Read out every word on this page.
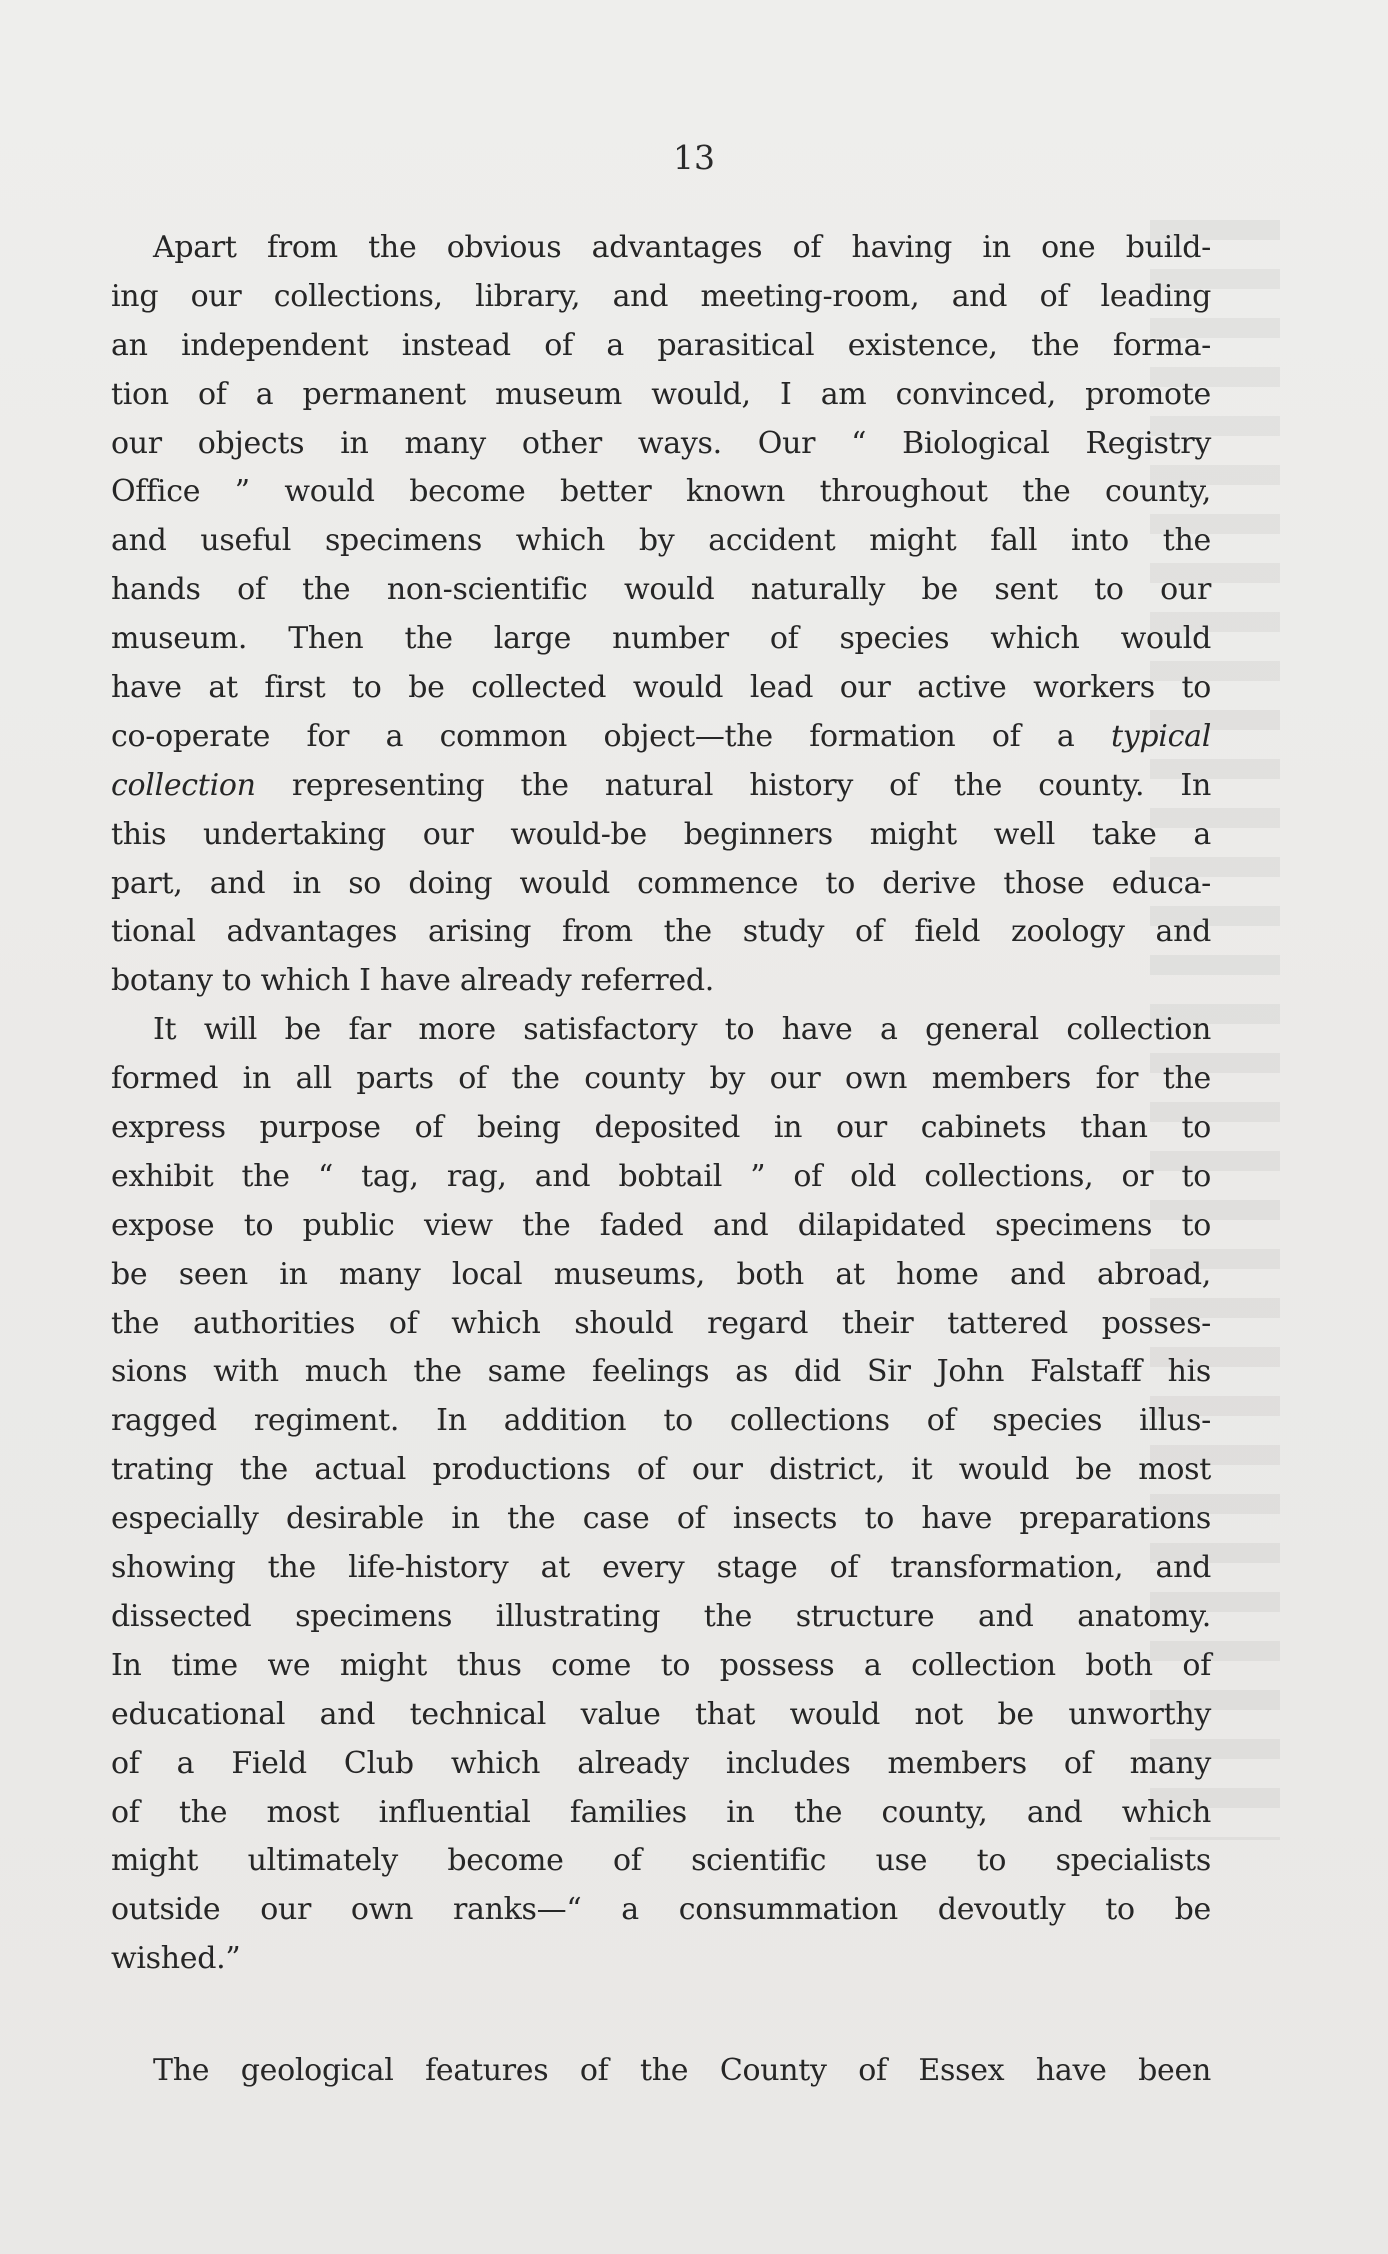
13
Apart from the obvious advantages of having in one build-
ing our collections, library, and meeting-room, and of leading
an independent instead of a parasitical existence, the forma-
tion of a permanent museum would, I am convinced, promote
our objects in many other ways. Our “ Biological Registry
Office ” would become better known throughout the county,
and useful specimens which by accident might fall into the
hands of the non-scientific would naturally be sent to our
museum. Then the large number of species which would
have at first to be collected would lead our active workers to
co-operate for a common object—the formation of a typical
collection representing the natural history of the county. In
this undertaking our would-be beginners might well take a
part, and in so doing would commence to derive those educa-
tional advantages arising from the study of field zoology and
botany to which I have already referred.
It will be far more satisfactory to have a general collection
formed in all parts of the county by our own members for the
express purpose of being deposited in our cabinets than to
exhibit the “ tag, rag, and bobtail ” of old collections, or to
expose to public view the faded and dilapidated specimens to
be seen in many local museums, both at home and abroad,
the authorities of which should regard their tattered posses-
sions with much the same feelings as did Sir John Falstaff his
ragged regiment. In addition to collections of species illus-
trating the actual productions of our district, it would be most
especially desirable in the case of insects to have preparations
showing the life-history at every stage of transformation, and
dissected specimens illustrating the structure and anatomy.
In time we might thus come to possess a collection both of
educational and technical value that would not be unworthy
of a Field Club which already includes members of many
of the most influential families in the county, and which
might ultimately become of scientific use to specialists
outside our own ranks—“ a consummation devoutly to be
wished.”
The geological features of the County of Essex have been
